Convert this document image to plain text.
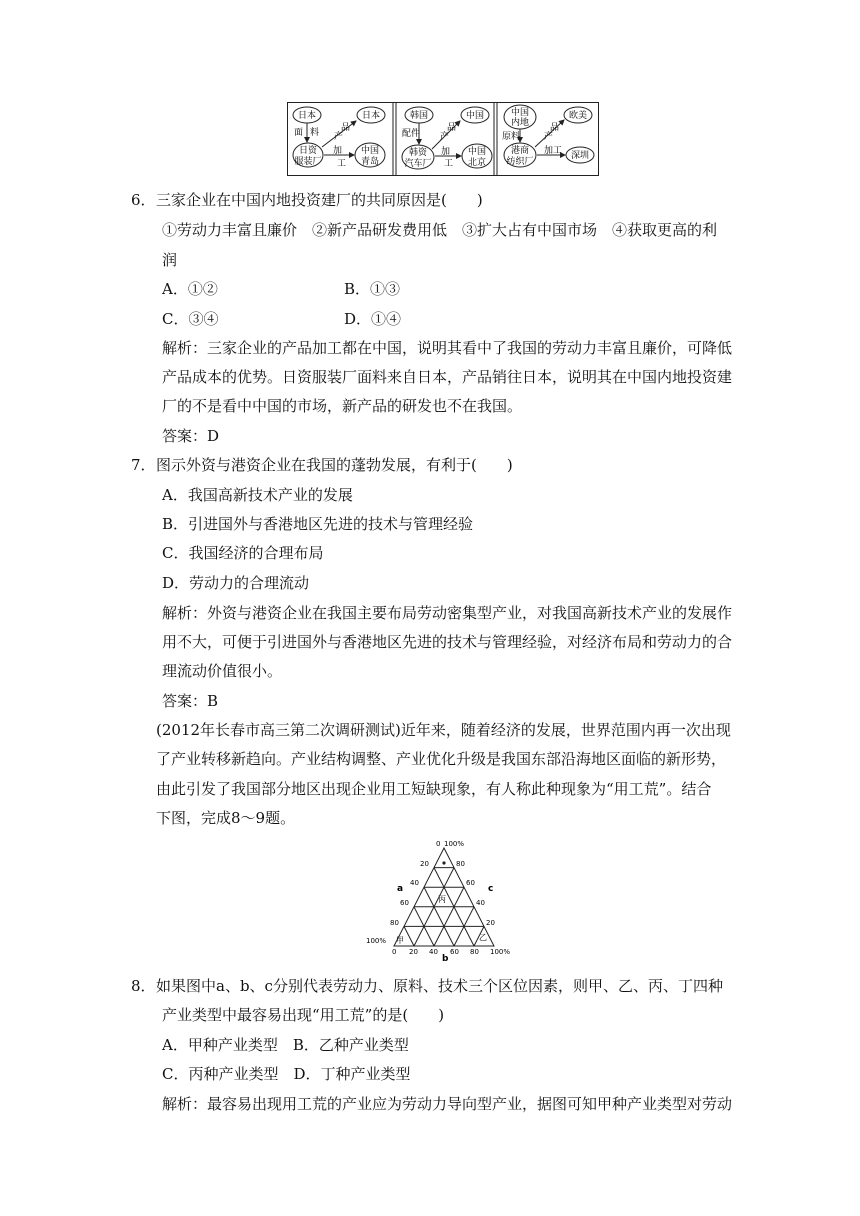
日本	日本
日资
服装厂
中国
青岛
面 料 品
产
加
工
韩国	中国
韩资
汽车厂
中国
北京
配件
品
产
加
工
中国
内地
欧美
港商
纺织厂
深圳
原料
品
产
加工
6． 三家企业在中国内地投资建厂的共同原因是(　　)
①劳动力丰富且廉价　②新产品研发费用低　③扩大占有中国市场　④获取更高的利
润
A．①②	B．①③
C．③④	D．①④
解析：三家企业的产品加工都在中国，说明其看中了我国的劳动力丰富且廉价，可降低
产品成本的优势。日资服装厂面料来自日本，产品销往日本，说明其在中国内地投资建
厂的不是看中中国的市场，新产品的研发也不在我国。
答案：D
7． 图示外资与港资企业在我国的蓬勃发展，有利于(　　)
A．我国高新技术产业的发展
B．引进国外与香港地区先进的技术与管理经验
C．我国经济的合理布局
D．劳动力的合理流动
解析：外资与港资企业在我国主要布局劳动密集型产业，对我国高新技术产业的发展作
用不大，可便于引进国外与香港地区先进的技术与管理经验，对经济布局和劳动力的合
理流动价值很小。
答案：B
(2012年长春市高三第二次调研测试)近年来，随着经济的发展，世界范围内再一次出现
了产业转移新趋向。产业结构调整、产业优化升级是我国东部沿海地区面临的新形势，
由此引发了我国部分地区出现企业用工短缺现象，有人称此种现象为“用工荒”。结合
下图，完成8～9题。
0 100%
20
40
60
80
80
60
40
20
100%
0 20 40 60 80 100%
a	c
b
丙
甲	乙
8． 如果图中a、b、c分别代表劳动力、原料、技术三个区位因素，则甲、乙、丙、丁四种
产业类型中最容易出现“用工荒”的是(　　)
A．甲种产业类型　B．乙种产业类型
C．丙种产业类型　D．丁种产业类型
解析：最容易出现用工荒的产业应为劳动力导向型产业，据图可知甲种产业类型对劳动
